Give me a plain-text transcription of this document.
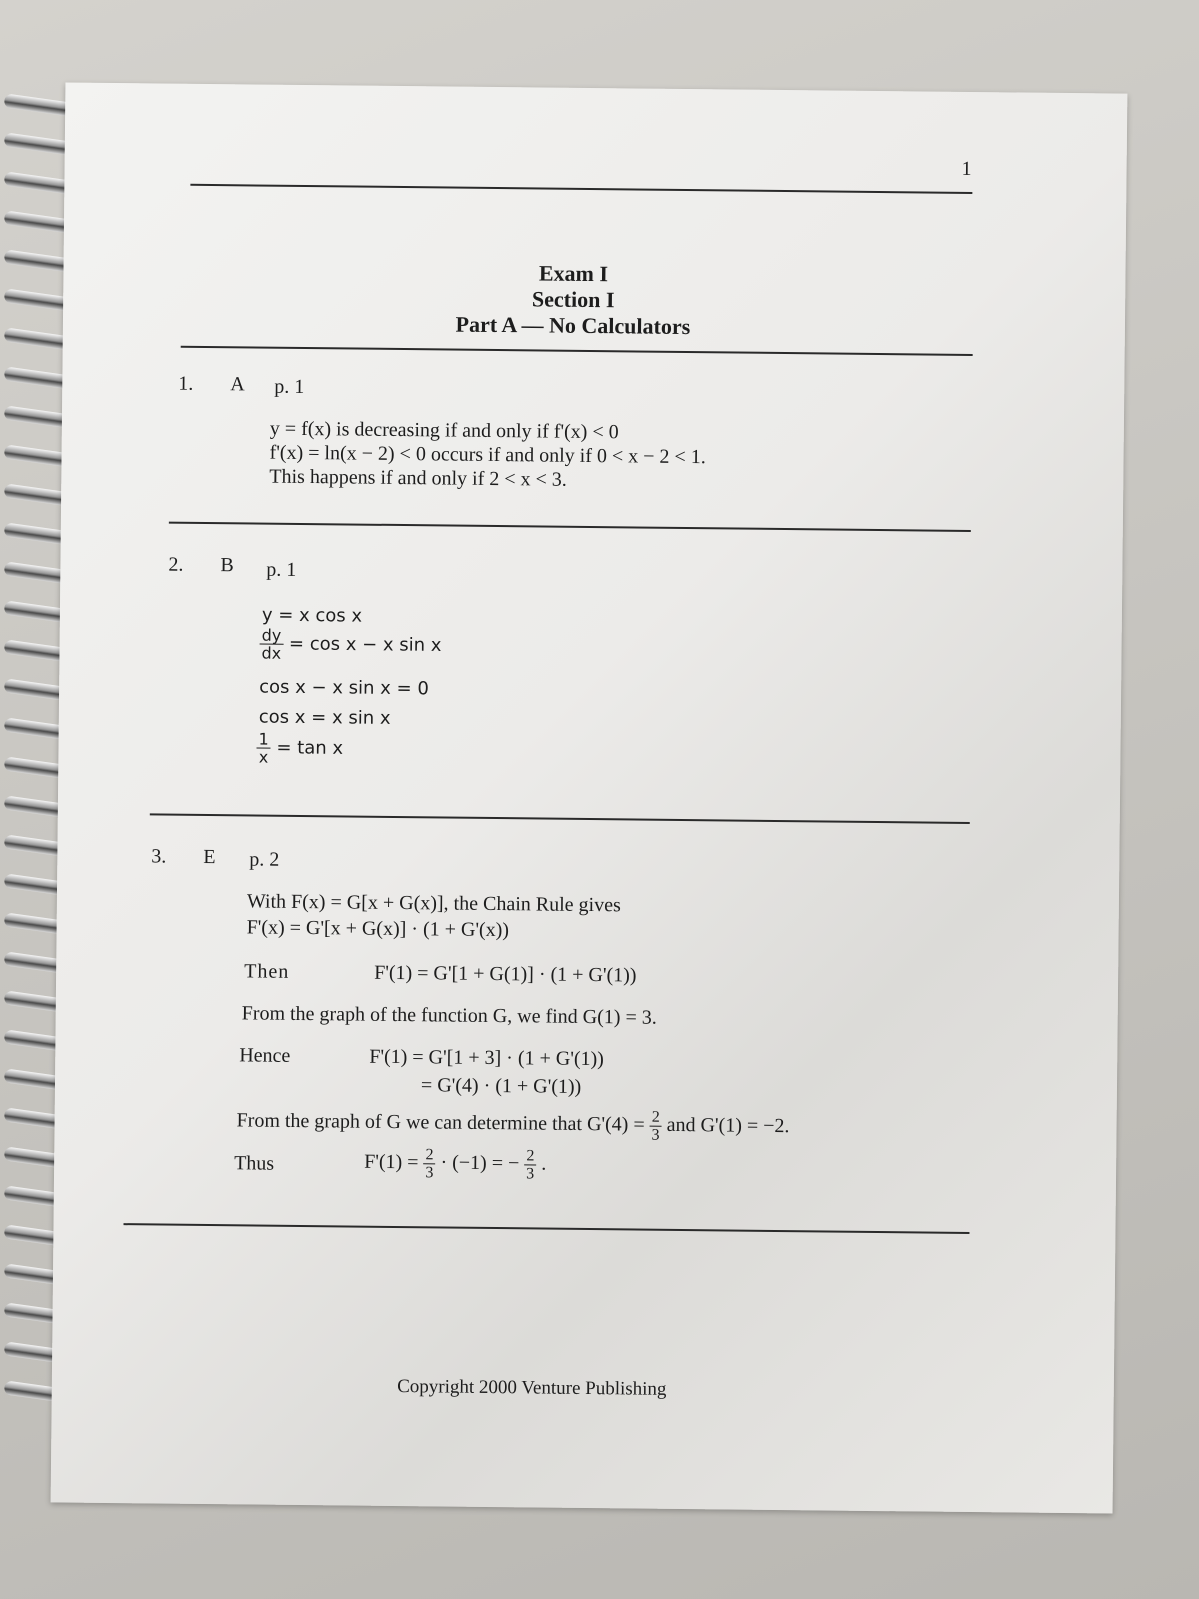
1
Exam I
Section I
Part A — No Calculators
1. A p. 1
y = f(x) is decreasing if and only if f'(x) < 0
f'(x) = ln(x − 2) < 0 occurs if and only if 0 < x − 2 < 1.
This happens if and only if 2 < x < 3.
2. B p. 1
y = x cos x
$\frac{dy}{dx} = \cos x - x$ sin x
cos x − x sin x = 0
cos x = x sin x
$\frac{1}{x} = \tan x$
3. E p. 2
With F(x) = G[x + G(x)], the Chain Rule gives
F'(x) = G'[x + G(x)] · (1 + G'(x))
Then	F'(1) = G'[1 + G(1)] · (1 + G'(1))
From the graph of the function G, we find G(1) = 3.
Hence	F'(1) = G'[1 + 3] · (1 + G'(1))
= G'(4) · (1 + G'(1))
From the graph of G we can determine that $G'(4) = \frac{2}{3}$ and G'(1) = −2.
Thus	$F'(1) = \frac{2}{3} \cdot (-1)$ = − $\frac{2}{3}$ .
Copyright 2000 Venture Publishing
